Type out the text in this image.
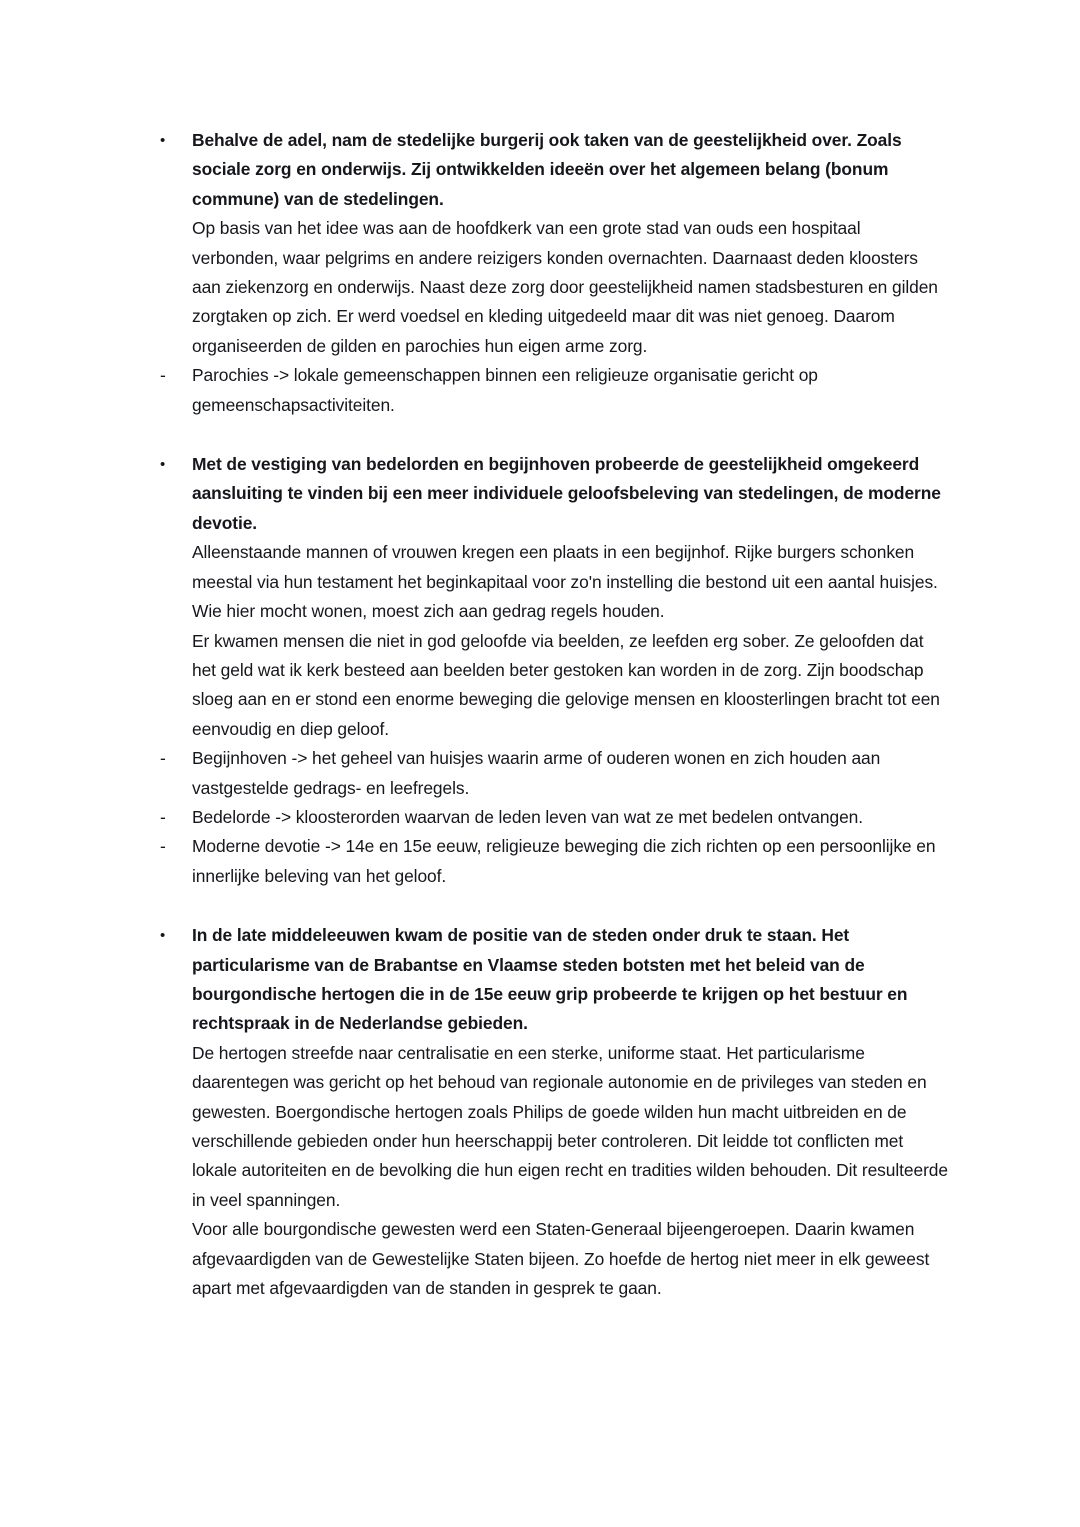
•	Behalve de adel, nam de stedelijke burgerij ook taken van de geestelijkheid over. Zoals sociale zorg en onderwijs. Zij ontwikkelden ideeën over het algemeen belang (bonum commune) van de stedelingen.
Op basis van het idee was aan de hoofdkerk van een grote stad van ouds een hospitaal verbonden, waar pelgrims en andere reizigers konden overnachten. Daarnaast deden kloosters aan ziekenzorg en onderwijs. Naast deze zorg door geestelijkheid namen stadsbesturen en gilden zorgtaken op zich. Er werd voedsel en kleding uitgedeeld maar dit was niet genoeg. Daarom organiseerden de gilden en parochies hun eigen arme zorg.
-	Parochies -> lokale gemeenschappen binnen een religieuze organisatie gericht op gemeenschapsactiviteiten.
•	Met de vestiging van bedelorden en begijnhoven probeerde de geestelijkheid omgekeerd aansluiting te vinden bij een meer individuele geloofsbeleving van stedelingen, de moderne devotie.
Alleenstaande mannen of vrouwen kregen een plaats in een begijnhof. Rijke burgers schonken meestal via hun testament het beginkapitaal voor zo'n instelling die bestond uit een aantal huisjes. Wie hier mocht wonen, moest zich aan gedrag regels houden.
Er kwamen mensen die niet in god geloofde via beelden, ze leefden erg sober. Ze geloofden dat het geld wat ik kerk besteed aan beelden beter gestoken kan worden in de zorg. Zijn boodschap sloeg aan en er stond een enorme beweging die gelovige mensen en kloosterlingen bracht tot een eenvoudig en diep geloof.
-	Begijnhoven -> het geheel van huisjes waarin arme of ouderen wonen en zich houden aan vastgestelde gedrags- en leefregels.
-	Bedelorde -> kloosterorden waarvan de leden leven van wat ze met bedelen ontvangen.
-	Moderne devotie -> 14e en 15e eeuw, religieuze beweging die zich richten op een persoonlijke en innerlijke beleving van het geloof.
•	In de late middeleeuwen kwam de positie van de steden onder druk te staan. Het particularisme van de Brabantse en Vlaamse steden botsten met het beleid van de bourgondische hertogen die in de 15e eeuw grip probeerde te krijgen op het bestuur en rechtspraak in de Nederlandse gebieden.
De hertogen streefde naar centralisatie en een sterke, uniforme staat. Het particularisme daarentegen was gericht op het behoud van regionale autonomie en de privileges van steden en gewesten. Boergondische hertogen zoals Philips de goede wilden hun macht uitbreiden en de verschillende gebieden onder hun heerschappij beter controleren. Dit leidde tot conflicten met lokale autoriteiten en de bevolking die hun eigen recht en tradities wilden behouden. Dit resulteerde in veel spanningen.
Voor alle bourgondische gewesten werd een Staten-Generaal bijeengeroepen. Daarin kwamen afgevaardigden van de Gewestelijke Staten bijeen. Zo hoefde de hertog niet meer in elk geweest apart met afgevaardigden van de standen in gesprek te gaan.
